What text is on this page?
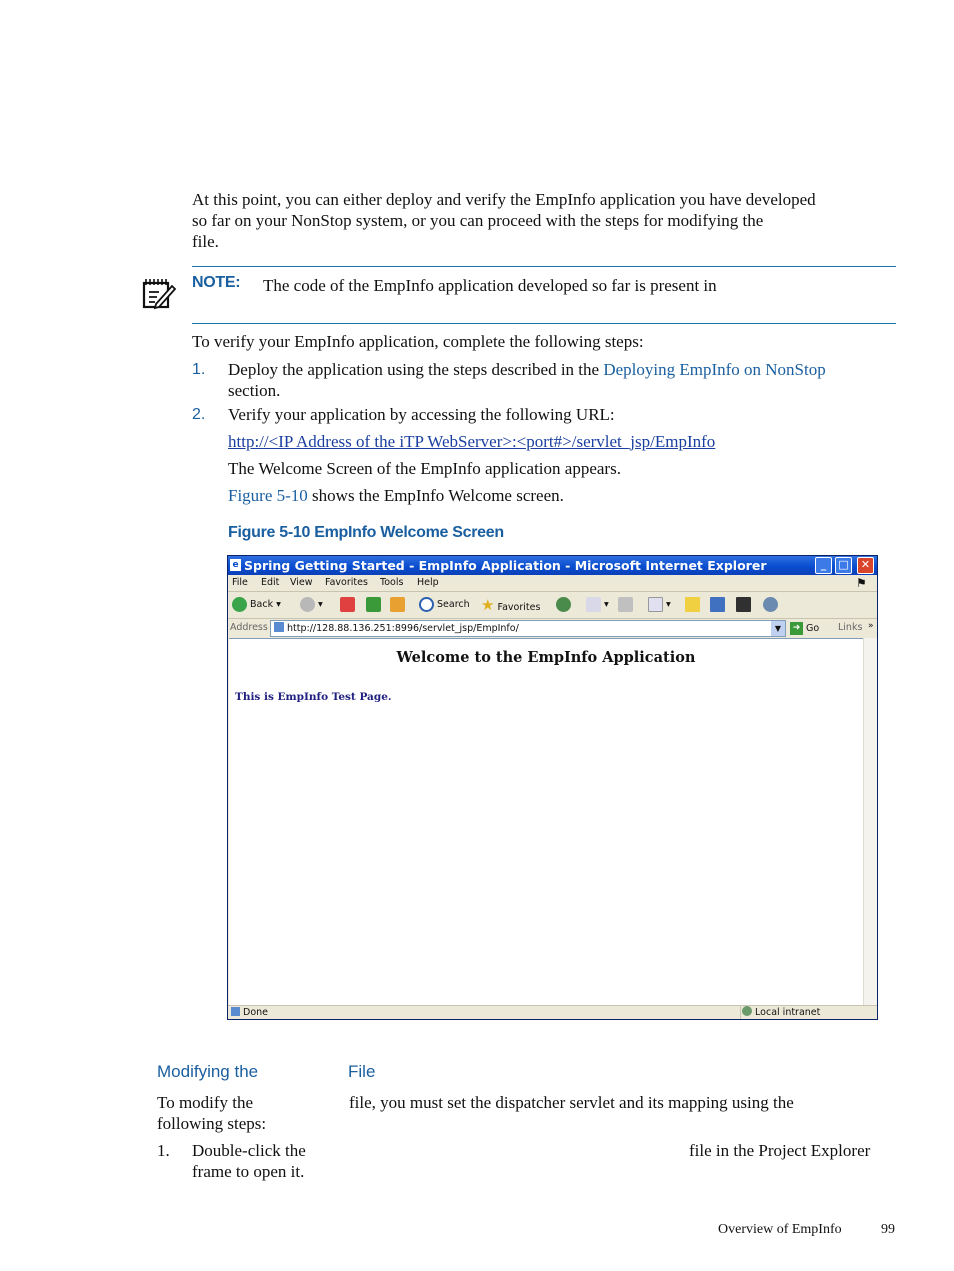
At this point, you can either deploy and verify the EmpInfo application you have developed
so far on your NonStop system, or you can proceed with the steps for modifying the
file.
NOTE: The code of the EmpInfo application developed so far is present in
To verify your EmpInfo application, complete the following steps:
1. Deploy the application using the steps described in the Deploying EmpInfo on NonStop
section.
2. Verify your application by accessing the following URL:
http://<IP Address of the iTP WebServer>:<port#>/servlet_jsp/EmpInfo
The Welcome Screen of the EmpInfo application appears.
Figure 5-10 shows the EmpInfo Welcome screen.
Figure 5-10 EmpInfo Welcome Screen
e Spring Getting Started - EmpInfo Application - Microsoft Internet Explorer	_	□	✕
File Edit View Favorites Tools Help	⚑
Back ▾	▾	Search ★ Favorites	▾	▾
Address	http://128.88.136.251:8996/servlet_jsp/EmpInfo/	▼	➜ Go Links »
Welcome to the EmpInfo Application
This is EmpInfo Test Page.
Done	Local intranet
Modifying the	File
To modify the	file, you must set the dispatcher servlet and its mapping using the
following steps:
1. Double-click the	file in the Project Explorer
frame to open it.
Overview of EmpInfo	99
